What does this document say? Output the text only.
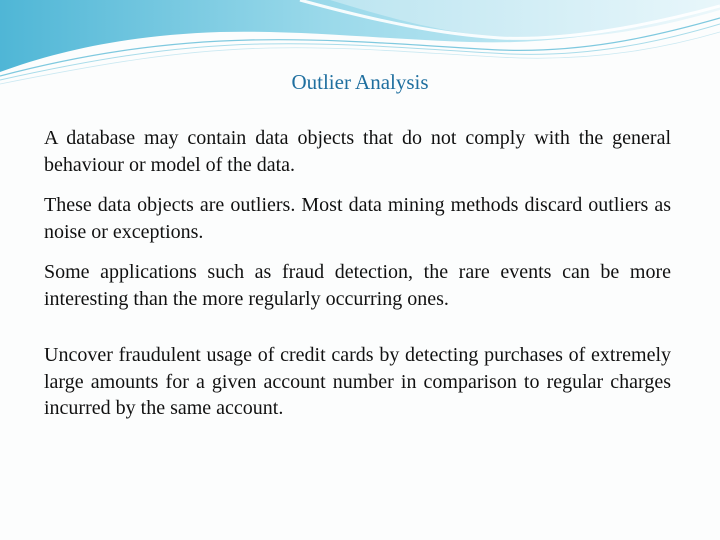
Outlier Analysis

A database may contain data objects that do not comply with the general behaviour or model of the data.

These data objects are outliers. Most data mining methods discard outliers as noise or exceptions.

Some applications such as fraud detection, the rare events can be more interesting than the more regularly occurring ones.

Uncover fraudulent usage of credit cards by detecting purchases of extremely large amounts for a given account number in comparison to regular charges incurred by the same account.
